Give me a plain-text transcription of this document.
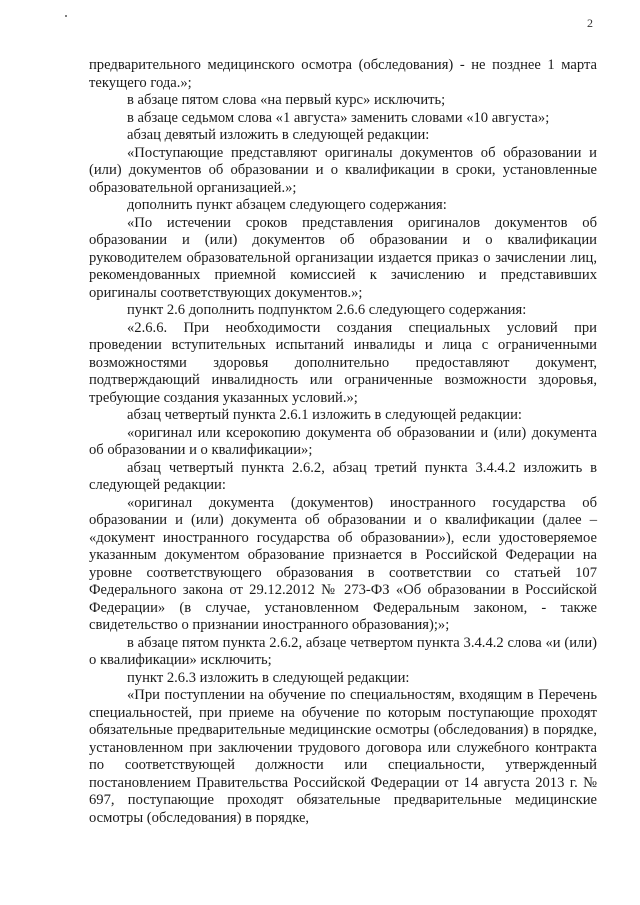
2

предварительного медицинского осмотра (обследования) - не позднее 1 марта текущего года.»;

в абзаце пятом слова «на первый курс» исключить;

в абзаце седьмом слова «1 августа» заменить словами «10 августа»;

абзац девятый изложить в следующей редакции:

«Поступающие представляют оригиналы документов об образовании и (или) документов об образовании и о квалификации в сроки, установленные образовательной организацией.»;

дополнить пункт абзацем следующего содержания:

«По истечении сроков представления оригиналов документов об образовании и (или) документов об образовании и о квалификации руководителем образовательной организации издается приказ о зачислении лиц, рекомендованных приемной комиссией к зачислению и представивших оригиналы соответствующих документов.»;

пункт 2.6 дополнить подпунктом 2.6.6 следующего содержания:

«2.6.6. При необходимости создания специальных условий при проведении вступительных испытаний инвалиды и лица с ограниченными возможностями здоровья дополнительно предоставляют документ, подтверждающий инвалидность или ограниченные возможности здоровья, требующие создания указанных условий.»;

абзац четвертый пункта 2.6.1 изложить в следующей редакции:

«оригинал или ксерокопию документа об образовании и (или) документа об образовании и о квалификации»;

абзац четвертый пункта 2.6.2, абзац третий пункта 3.4.4.2 изложить в следующей редакции:

«оригинал документа (документов) иностранного государства об образовании и (или) документа об образовании и о квалификации (далее – «документ иностранного государства об образовании»), если удостоверяемое указанным документом образование признается в Российской Федерации на уровне соответствующего образования в соответствии со статьей 107 Федерального закона от 29.12.2012 № 273-ФЗ «Об образовании в Российской Федерации» (в случае, установленном Федеральным законом, - также свидетельство о признании иностранного образования);»;

в абзаце пятом пункта 2.6.2, абзаце четвертом пункта 3.4.4.2 слова «и (или) о квалификации» исключить;

пункт 2.6.3 изложить в следующей редакции:

«При поступлении на обучение по специальностям, входящим в Перечень специальностей, при приеме на обучение по которым поступающие проходят обязательные предварительные медицинские осмотры (обследования) в порядке, установленном при заключении трудового договора или служебного контракта по соответствующей должности или специальности, утвержденный постановлением Правительства Российской Федерации от 14 августа 2013 г. № 697, поступающие проходят обязательные предварительные медицинские осмотры (обследования) в порядке,
